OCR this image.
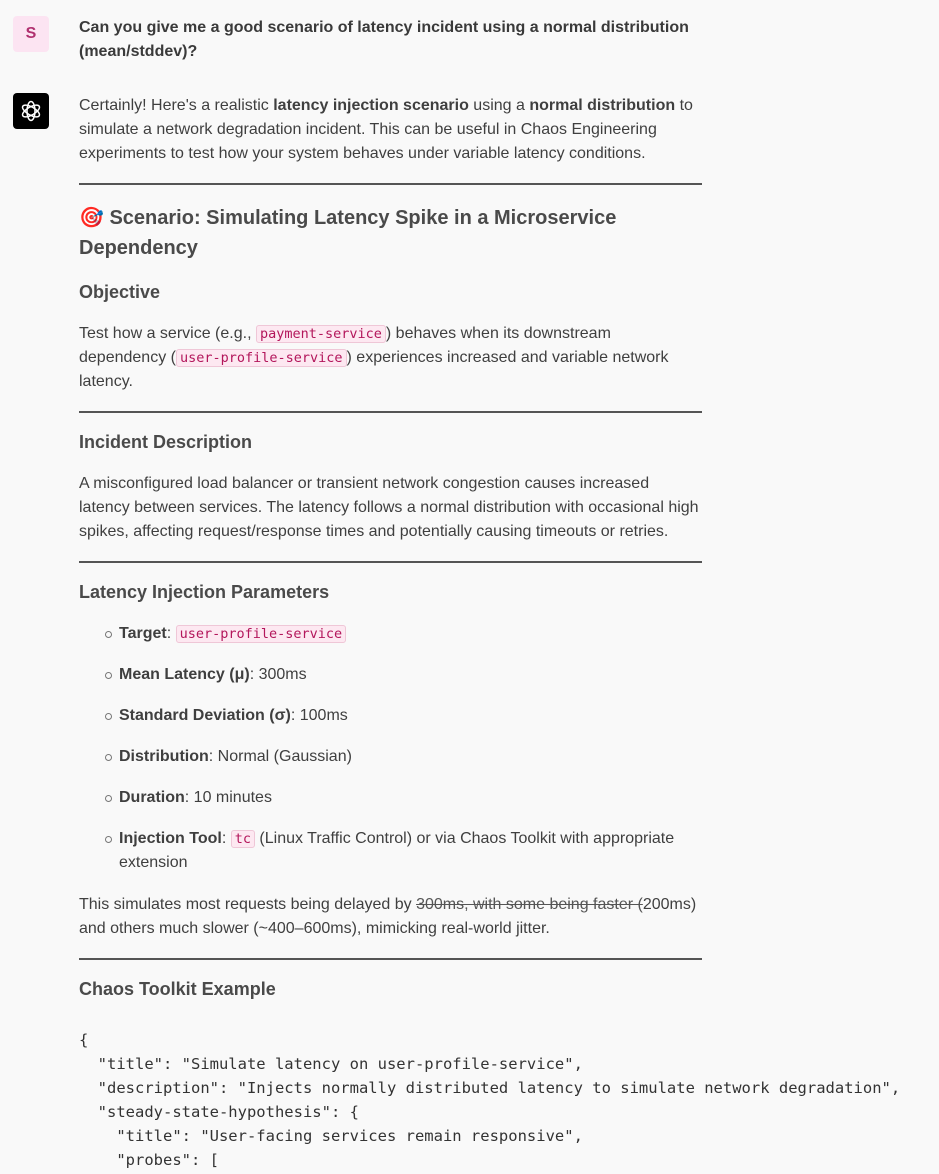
S	Can you give me a good scenario of latency incident using a normal distribution (mean/stddev)?

Certainly! Here's a realistic latency injection scenario using a normal distribution to simulate a network degradation incident. This can be useful in Chaos Engineering experiments to test how your system behaves under variable latency conditions.

🎯 Scenario: Simulating Latency Spike in a Microservice Dependency
Objective

Test how a service (e.g., payment-service ) behaves when its downstream dependency ( user-profile-service ) experiences increased and variable network latency.

Incident Description

A misconfigured load balancer or transient network congestion causes increased latency between services. The latency follows a normal distribution with occasional high spikes, affecting request/response times and potentially causing timeouts or retries.

Latency Injection Parameters
Target: user-profile-service
Mean Latency (μ): 300ms
Standard Deviation (σ): 100ms
Distribution: Normal (Gaussian)
Duration: 10 minutes
Injection Tool: tc (Linux Traffic Control) or via Chaos Toolkit with appropriate extension

This simulates most requests being delayed by 300ms, with some being faster (200ms) and others much slower (~400–600ms), mimicking real-world jitter.

Chaos Toolkit Example
{
"title": "Simulate latency on user-profile-service",
"description": "Injects normally distributed latency to simulate network degradation",
"steady-state-hypothesis": {
"title": "User-facing services remain responsive",
"probes": [
